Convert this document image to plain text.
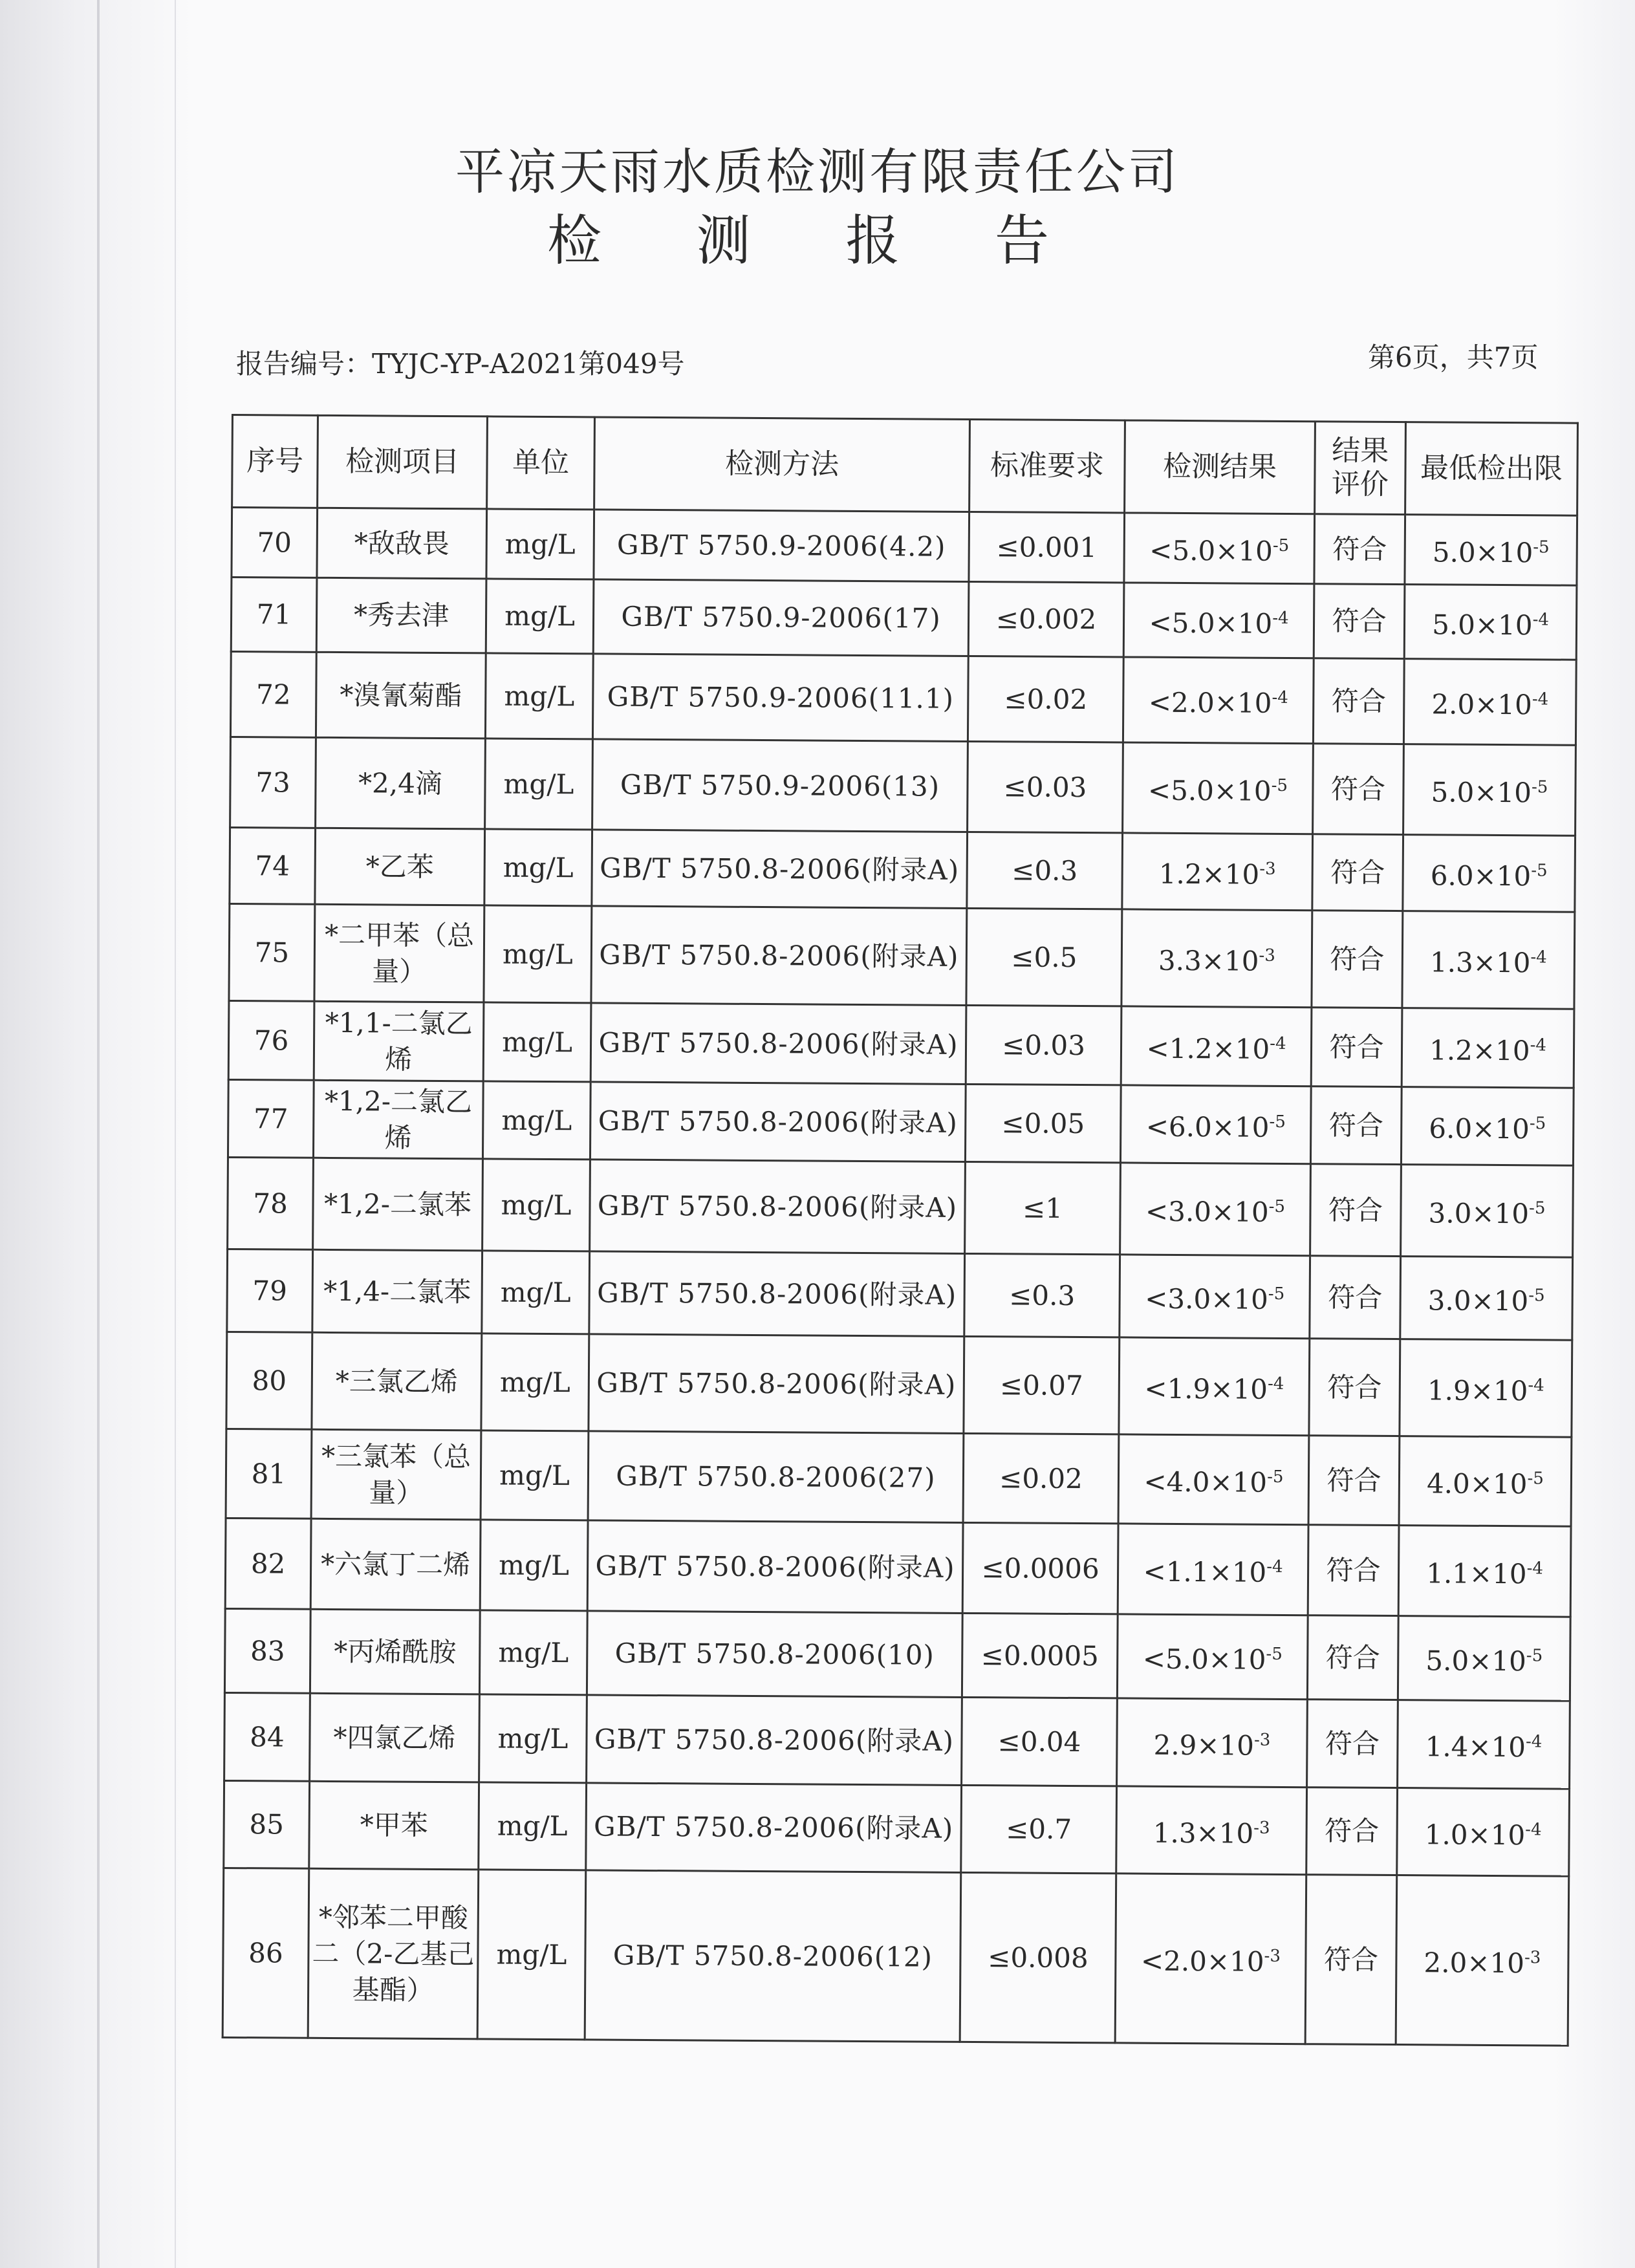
平凉天雨水质检测有限责任公司
检 测 报 告
报告编号：TYJC-YP-A2021第049号	第6页，共7页
序号	检测项目	单位	检测方法	标准要求	检测结果	结果评价	最低检出限
70	*敌敌畏	mg/L	GB/T 5750.9-2006(4.2)	≤0.001	$<5.0\times 10^{-5}$	符合	$5.0\times 10^{-5}$
71	*秀去津	mg/L	GB/T 5750.9-2006(17)	≤0.002	$<5.0\times 10^{-4}$	符合	$5.0\times 10^{-4}$
72	*溴氰菊酯	mg/L	GB/T 5750.9-2006(11.1)	≤0.02	$<2.0\times 10^{-4}$	符合	$2.0\times 10^{-4}$
73	*2,4滴	mg/L	GB/T 5750.9-2006(13)	≤0.03	$<5.0\times 10^{-5}$	符合	$5.0\times 10^{-5}$
74	*乙苯	mg/L	GB/T 5750.8-2006(附录A)	≤0.3	$1.2\times 10^{-3}$	符合	$6.0\times 10^{-5}$
75	*二甲苯（总量）	mg/L	GB/T 5750.8-2006(附录A)	≤0.5	$3.3\times 10^{-3}$	符合	$1.3\times 10^{-4}$
76	*1,1-二氯乙烯	mg/L	GB/T 5750.8-2006(附录A)	≤0.03	$<1.2\times 10^{-4}$	符合	$1.2\times 10^{-4}$
77	*1,2-二氯乙烯	mg/L	GB/T 5750.8-2006(附录A)	≤0.05	$<6.0\times 10^{-5}$	符合	$6.0\times 10^{-5}$
78	*1,2-二氯苯	mg/L	GB/T 5750.8-2006(附录A)	≤1	$<3.0\times 10^{-5}$	符合	$3.0\times 10^{-5}$
79	*1,4-二氯苯	mg/L	GB/T 5750.8-2006(附录A)	≤0.3	$<3.0\times 10^{-5}$	符合	$3.0\times 10^{-5}$
80	*三氯乙烯	mg/L	GB/T 5750.8-2006(附录A)	≤0.07	$<1.9\times 10^{-4}$	符合	$1.9\times 10^{-4}$
81	*三氯苯（总量）	mg/L	GB/T 5750.8-2006(27)	≤0.02	$<4.0\times 10^{-5}$	符合	$4.0\times 10^{-5}$
82	*六氯丁二烯	mg/L	GB/T 5750.8-2006(附录A)	≤0.0006	$<1.1\times 10^{-4}$	符合	$1.1\times 10^{-4}$
83	*丙烯酰胺	mg/L	GB/T 5750.8-2006(10)	≤0.0005	$<5.0\times 10^{-5}$	符合	$5.0\times 10^{-5}$
84	*四氯乙烯	mg/L	GB/T 5750.8-2006(附录A)	≤0.04	$2.9\times 10^{-3}$	符合	$1.4\times 10^{-4}$
85	*甲苯	mg/L	GB/T 5750.8-2006(附录A)	≤0.7	$1.3\times 10^{-3}$	符合	$1.0\times 10^{-4}$
86	*邻苯二甲酸二（2-乙基己基酯）	mg/L	GB/T 5750.8-2006(12)	≤0.008	$<2.0\times 10^{-3}$	符合	$2.0\times 10^{-3}$
